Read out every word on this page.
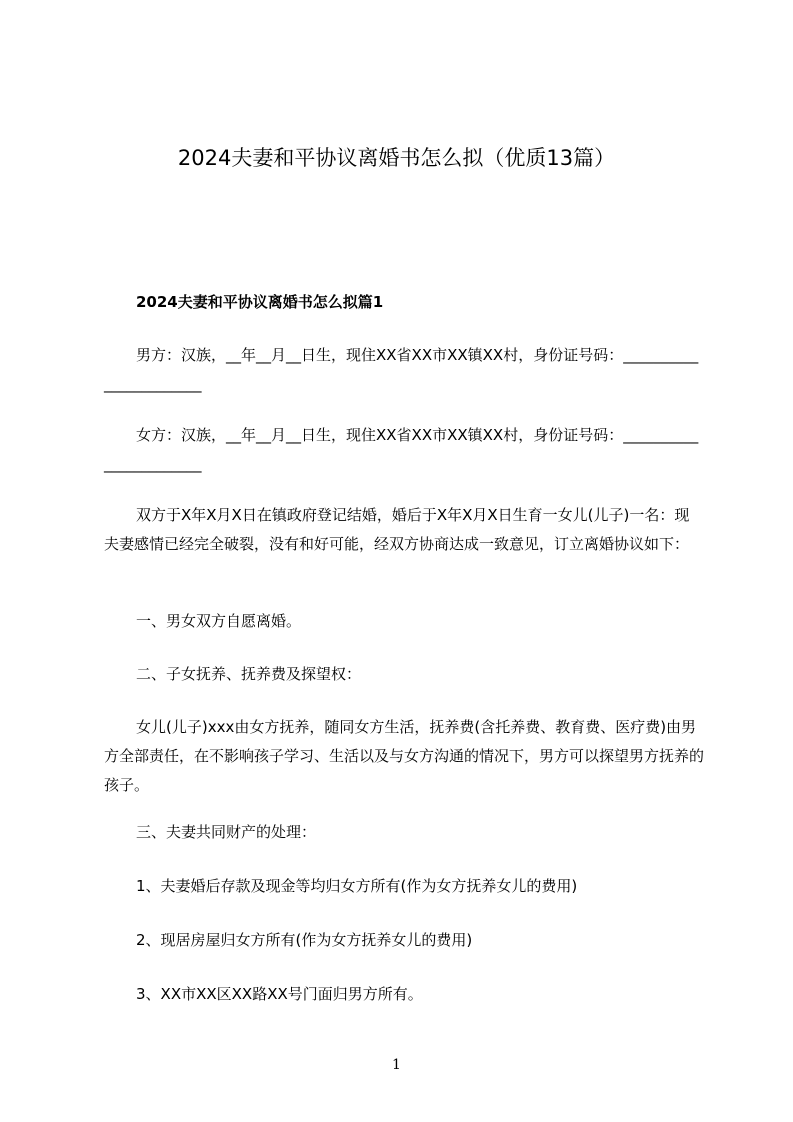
2024夫妻和平协议离婚书怎么拟（优质13篇）
2024夫妻和平协议离婚书怎么拟篇1

男方：汉族，__年__月__日生，现住XX省XX市XX镇XX村，身份证号码：_______________________

女方：汉族，__年__月__日生，现住XX省XX市XX镇XX村，身份证号码：_______________________

双方于X年X月X日在镇政府登记结婚，婚后于X年X月X日生育一女儿(儿子)一名：现夫妻感情已经完全破裂，没有和好可能，经双方协商达成一致意见，订立离婚协议如下：

一、男女双方自愿离婚。

二、子女抚养、抚养费及探望权：

女儿(儿子)xxx由女方抚养，随同女方生活，抚养费(含托养费、教育费、医疗费)由男方全部责任，在不影响孩子学习、生活以及与女方沟通的情况下，男方可以探望男方抚养的孩子。

三、夫妻共同财产的处理：

1、夫妻婚后存款及现金等均归女方所有(作为女方抚养女儿的费用)

2、现居房屋归女方所有(作为女方抚养女儿的费用)

3、XX市XX区XX路XX号门面归男方所有。

1
